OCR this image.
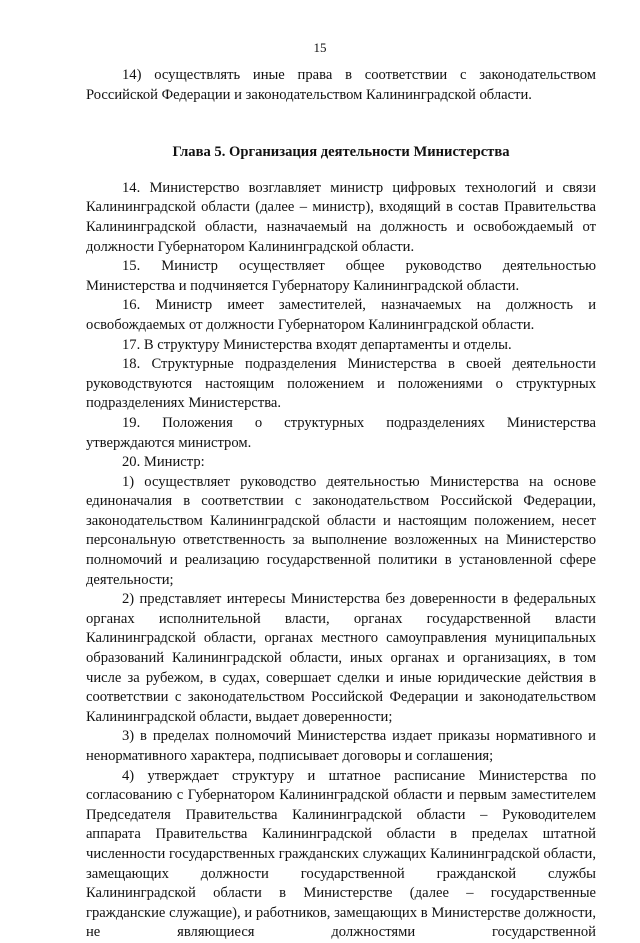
15

14) осуществлять иные права в соответствии с законодательством Российской Федерации и законодательством Калининградской области.

Глава 5. Организация деятельности Министерства

14. Министерство возглавляет министр цифровых технологий и связи Калининградской области (далее – министр), входящий в состав Правительства Калининградской области, назначаемый на должность и освобождаемый от должности Губернатором Калининградской области.

15. Министр осуществляет общее руководство деятельностью Министерства и подчиняется Губернатору Калининградской области.

16. Министр имеет заместителей, назначаемых на должность и освобождаемых от должности Губернатором Калининградской области.

17. В структуру Министерства входят департаменты и отделы.

18. Структурные подразделения Министерства в своей деятельности руководствуются настоящим положением и положениями о структурных подразделениях Министерства.

19. Положения о структурных подразделениях Министерства утверждаются министром.

20. Министр:

1) осуществляет руководство деятельностью Министерства на основе единоначалия в соответствии с законодательством Российской Федерации, законодательством Калининградской области и настоящим положением, несет персональную ответственность за выполнение возложенных на Министерство полномочий и реализацию государственной политики в установленной сфере деятельности;

2) представляет интересы Министерства без доверенности в федеральных органах исполнительной власти, органах государственной власти Калининградской области, органах местного самоуправления муниципальных образований Калининградской области, иных органах и организациях, в том числе за рубежом, в судах, совершает сделки и иные юридические действия в соответствии с законодательством Российской Федерации и законодательством Калининградской области, выдает доверенности;

3) в пределах полномочий Министерства издает приказы нормативного и ненормативного характера, подписывает договоры и соглашения;

4) утверждает структуру и штатное расписание Министерства по согласованию с Губернатором Калининградской области и первым заместителем Председателя Правительства Калининградской области – Руководителем аппарата Правительства Калининградской области в пределах штатной численности государственных гражданских служащих Калининградской области, замещающих должности государственной гражданской службы Калининградской области в Министерстве (далее – государственные гражданские служащие), и работников, замещающих в Министерстве должности, не являющиеся должностями государственной
